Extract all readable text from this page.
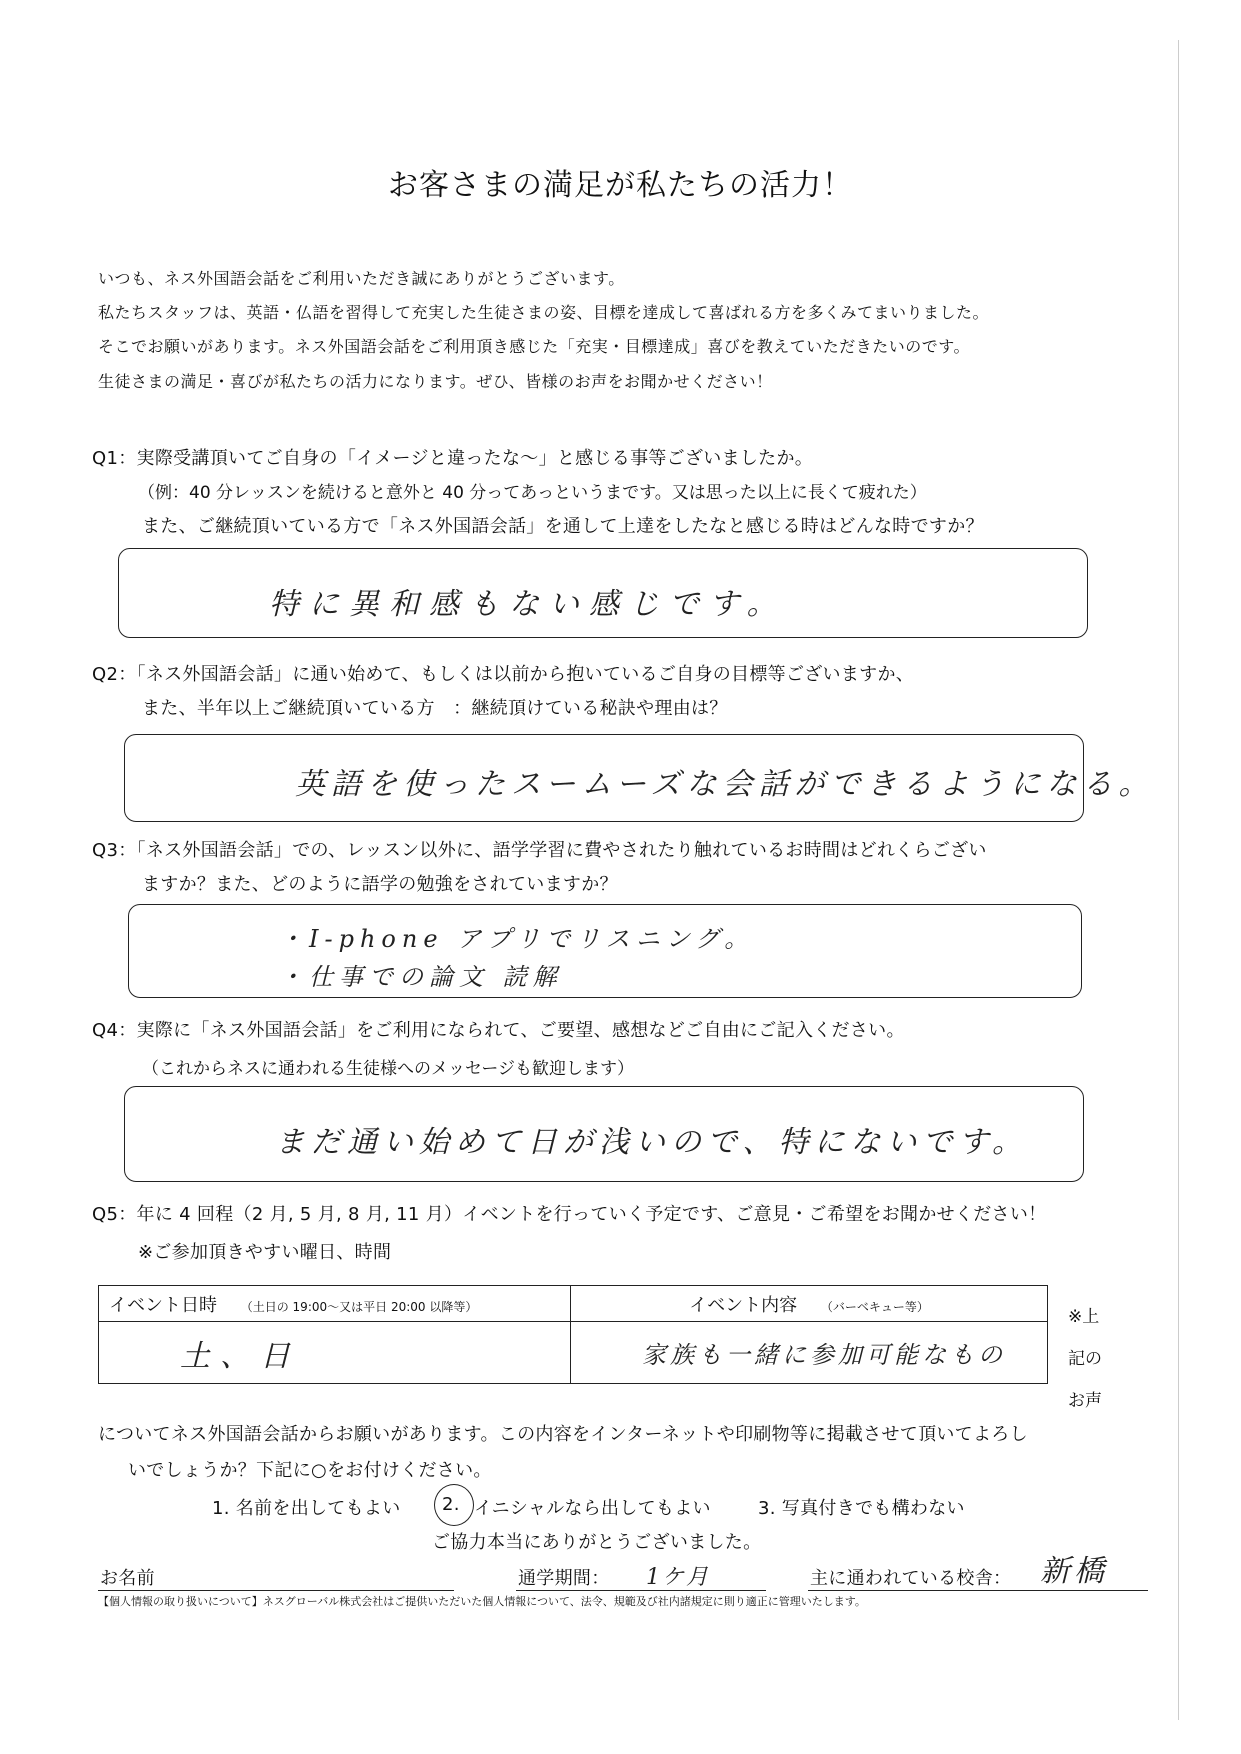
お客さまの満足が私たちの活力！
いつも、ネス外国語会話をご利用いただき誠にありがとうございます。
私たちスタッフは、英語・仏語を習得して充実した生徒さまの姿、目標を達成して喜ばれる方を多くみてまいりました。
そこでお願いがあります。ネス外国語会話をご利用頂き感じた「充実・目標達成」喜びを教えていただきたいのです。
生徒さまの満足・喜びが私たちの活力になります。ぜひ、皆様のお声をお聞かせください！
Q1：実際受講頂いてご自身の「イメージと違ったな～」と感じる事等ございましたか。
（例：40 分レッスンを続けると意外と 40 分ってあっというまです。又は思った以上に長くて疲れた）
また、ご継続頂いている方で「ネス外国語会話」を通して上達をしたなと感じる時はどんな時ですか？
特に異和感もない感じです。
Q2：「ネス外国語会話」に通い始めて、もしくは以前から抱いているご自身の目標等ございますか、
また、半年以上ご継続頂いている方　：継続頂けている秘訣や理由は？
英語を使ったスームーズな会話ができるようになる。
Q3：「ネス外国語会話」での、レッスン以外に、語学学習に費やされたり触れているお時間はどれくらござい
ますか？また、どのように語学の勉強をされていますか？
・I-phone アプリでリスニング。
・仕事での論文 読解
Q4：実際に「ネス外国語会話」をご利用になられて、ご要望、感想などご自由にご記入ください。
（これからネスに通われる生徒様へのメッセージも歓迎します）
まだ通い始めて日が浅いので、特にないです。
Q5：年に 4 回程（2 月, 5 月, 8 月, 11 月）イベントを行っていく予定です、ご意見・ご希望をお聞かせください！
※ご参加頂きやすい曜日、時間
イベント日時 （土日の 19:00～又は平日 20:00 以降等）	イベント内容 （バーベキュー等）
土、日	家族も一緒に参加可能なもの
※上
記の
お声
についてネス外国語会話からお願いがあります。この内容をインターネットや印刷物等に掲載させて頂いてよろし
いでしょうか？下記に○をお付けください。
1. 名前を出してもよい 2. イニシャルなら出してもよい	3. 写真付きでも構わない
ご協力本当にありがとうございました。
お名前	通学期間： 1ケ月	主に通われている校舎： 新橋
【個人情報の取り扱いについて】ネスグローバル株式会社はご提供いただいた個人情報について、法令、規範及び社内諸規定に則り適正に管理いたします。
